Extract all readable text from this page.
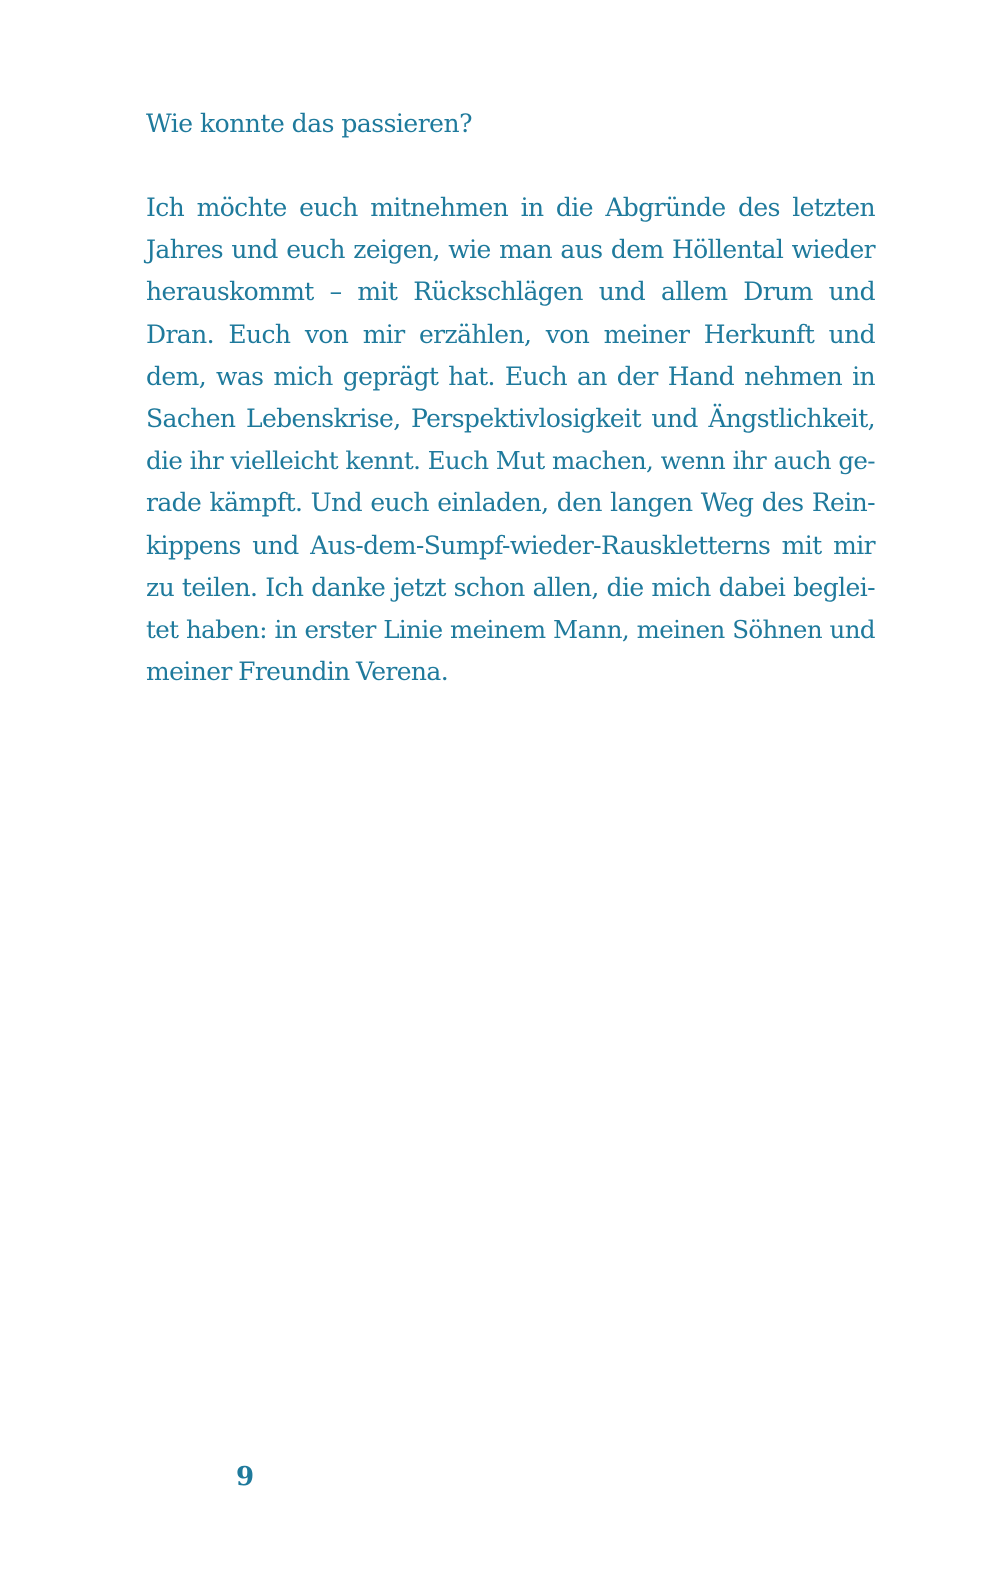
Wie konnte das passieren?

Ich möchte euch mitnehmen in die Abgründe des letzten
Jahres und euch zeigen, wie man aus dem Höllental wieder
herauskommt – mit Rückschlägen und allem Drum und
Dran. Euch von mir erzählen, von meiner Herkunft und
dem, was mich geprägt hat. Euch an der Hand nehmen in
Sachen Lebenskrise, Perspektivlosigkeit und Ängstlichkeit,
die ihr vielleicht kennt. Euch Mut machen, wenn ihr auch ge-
rade kämpft. Und euch einladen, den langen Weg des Rein-
kippens und Aus-dem-Sumpf-wieder-Rauskletterns mit mir
zu teilen. Ich danke jetzt schon allen, die mich dabei beglei-
tet haben: in erster Linie meinem Mann, meinen Söhnen und
meiner Freundin Verena.
9
